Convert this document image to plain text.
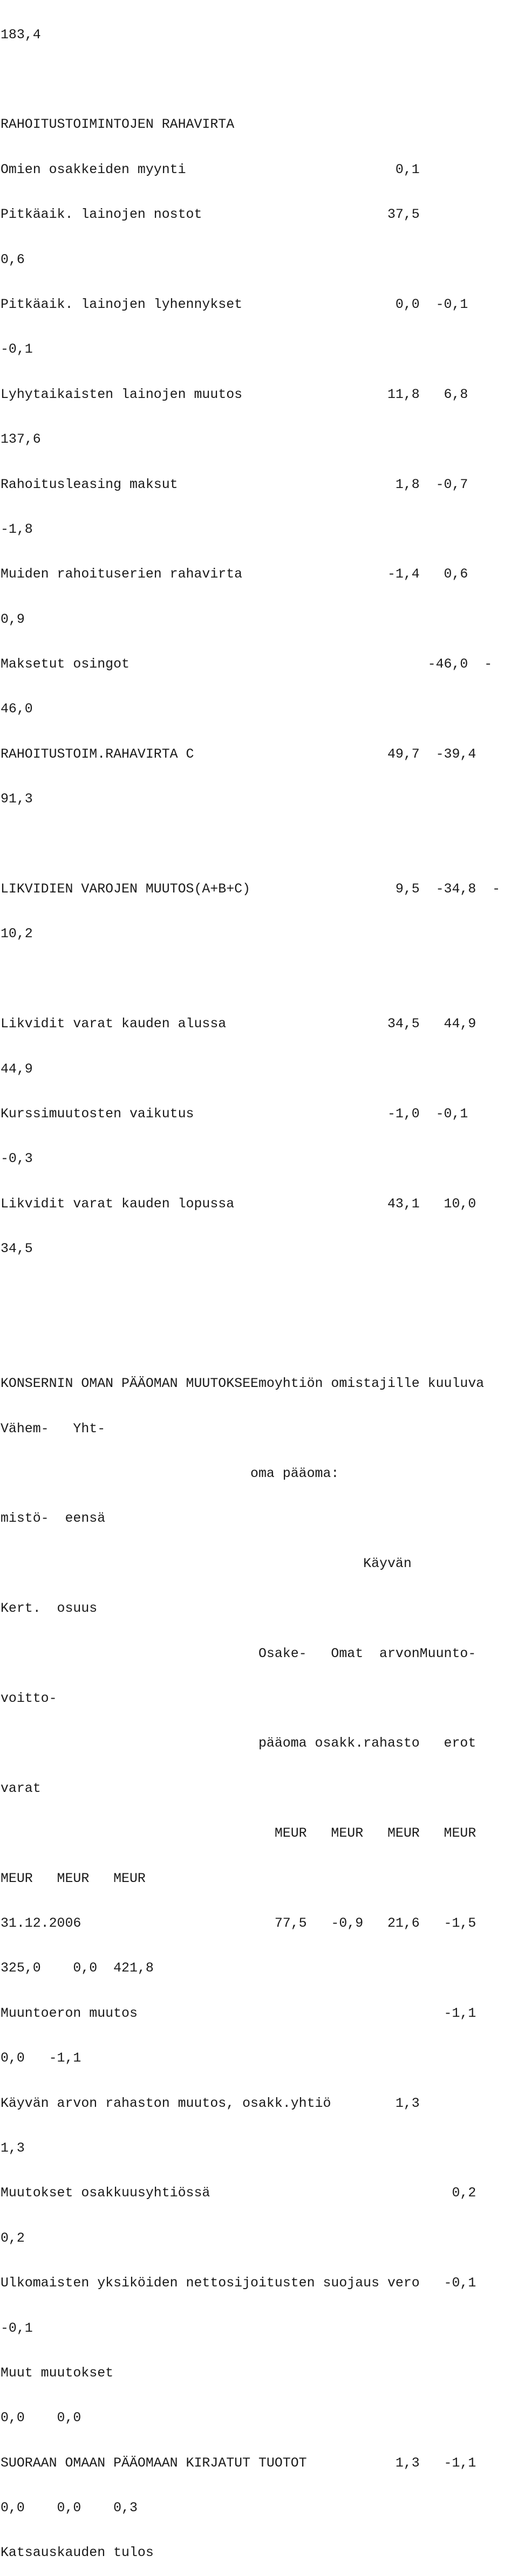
183,4

RAHOITUSTOIMINTOJEN RAHAVIRTA

Omien osakkeiden myynti                          0,1

Pitkäaik. lainojen nostot                       37,5

0,6

Pitkäaik. lainojen lyhennykset                   0,0  -0,1

-0,1

Lyhytaikaisten lainojen muutos                  11,8   6,8

137,6

Rahoitusleasing maksut                           1,8  -0,7

-1,8

Muiden rahoituserien rahavirta                  -1,4   0,6

0,9

Maksetut osingot                                     -46,0  -

46,0

RAHOITUSTOIM.RAHAVIRTA C                        49,7  -39,4

91,3

LIKVIDIEN VAROJEN MUUTOS(A+B+C)                  9,5  -34,8  -

10,2

Likvidit varat kauden alussa                    34,5   44,9

44,9

Kurssimuutosten vaikutus                        -1,0  -0,1

-0,3

Likvidit varat kauden lopussa                   43,1   10,0

34,5

KONSERNIN OMAN PÄÄOMAN MUUTOKSEEmoyhtiön omistajille kuuluva

Vähem-   Yht-

oma pääoma:

mistö-  eensä

Käyvän

Kert.  osuus

Osake-   Omat  arvonMuunto-

voitto-

pääoma osakk.rahasto   erot

varat

MEUR   MEUR   MEUR   MEUR

MEUR   MEUR   MEUR

31.12.2006                        77,5   -0,9   21,6   -1,5

325,0    0,0  421,8

Muuntoeron muutos                                      -1,1

0,0   -1,1

Käyvän arvon rahaston muutos, osakk.yhtiö        1,3

1,3

Muutokset osakkuusyhtiössä                              0,2

0,2

Ulkomaisten yksiköiden nettosijoitusten suojaus vero   -0,1

-0,1

Muut muutokset

0,0    0,0

SUORAAN OMAAN PÄÄOMAAN KIRJATUT TUOTOT           1,3   -1,1

0,0    0,0    0,3

Katsauskauden tulos
